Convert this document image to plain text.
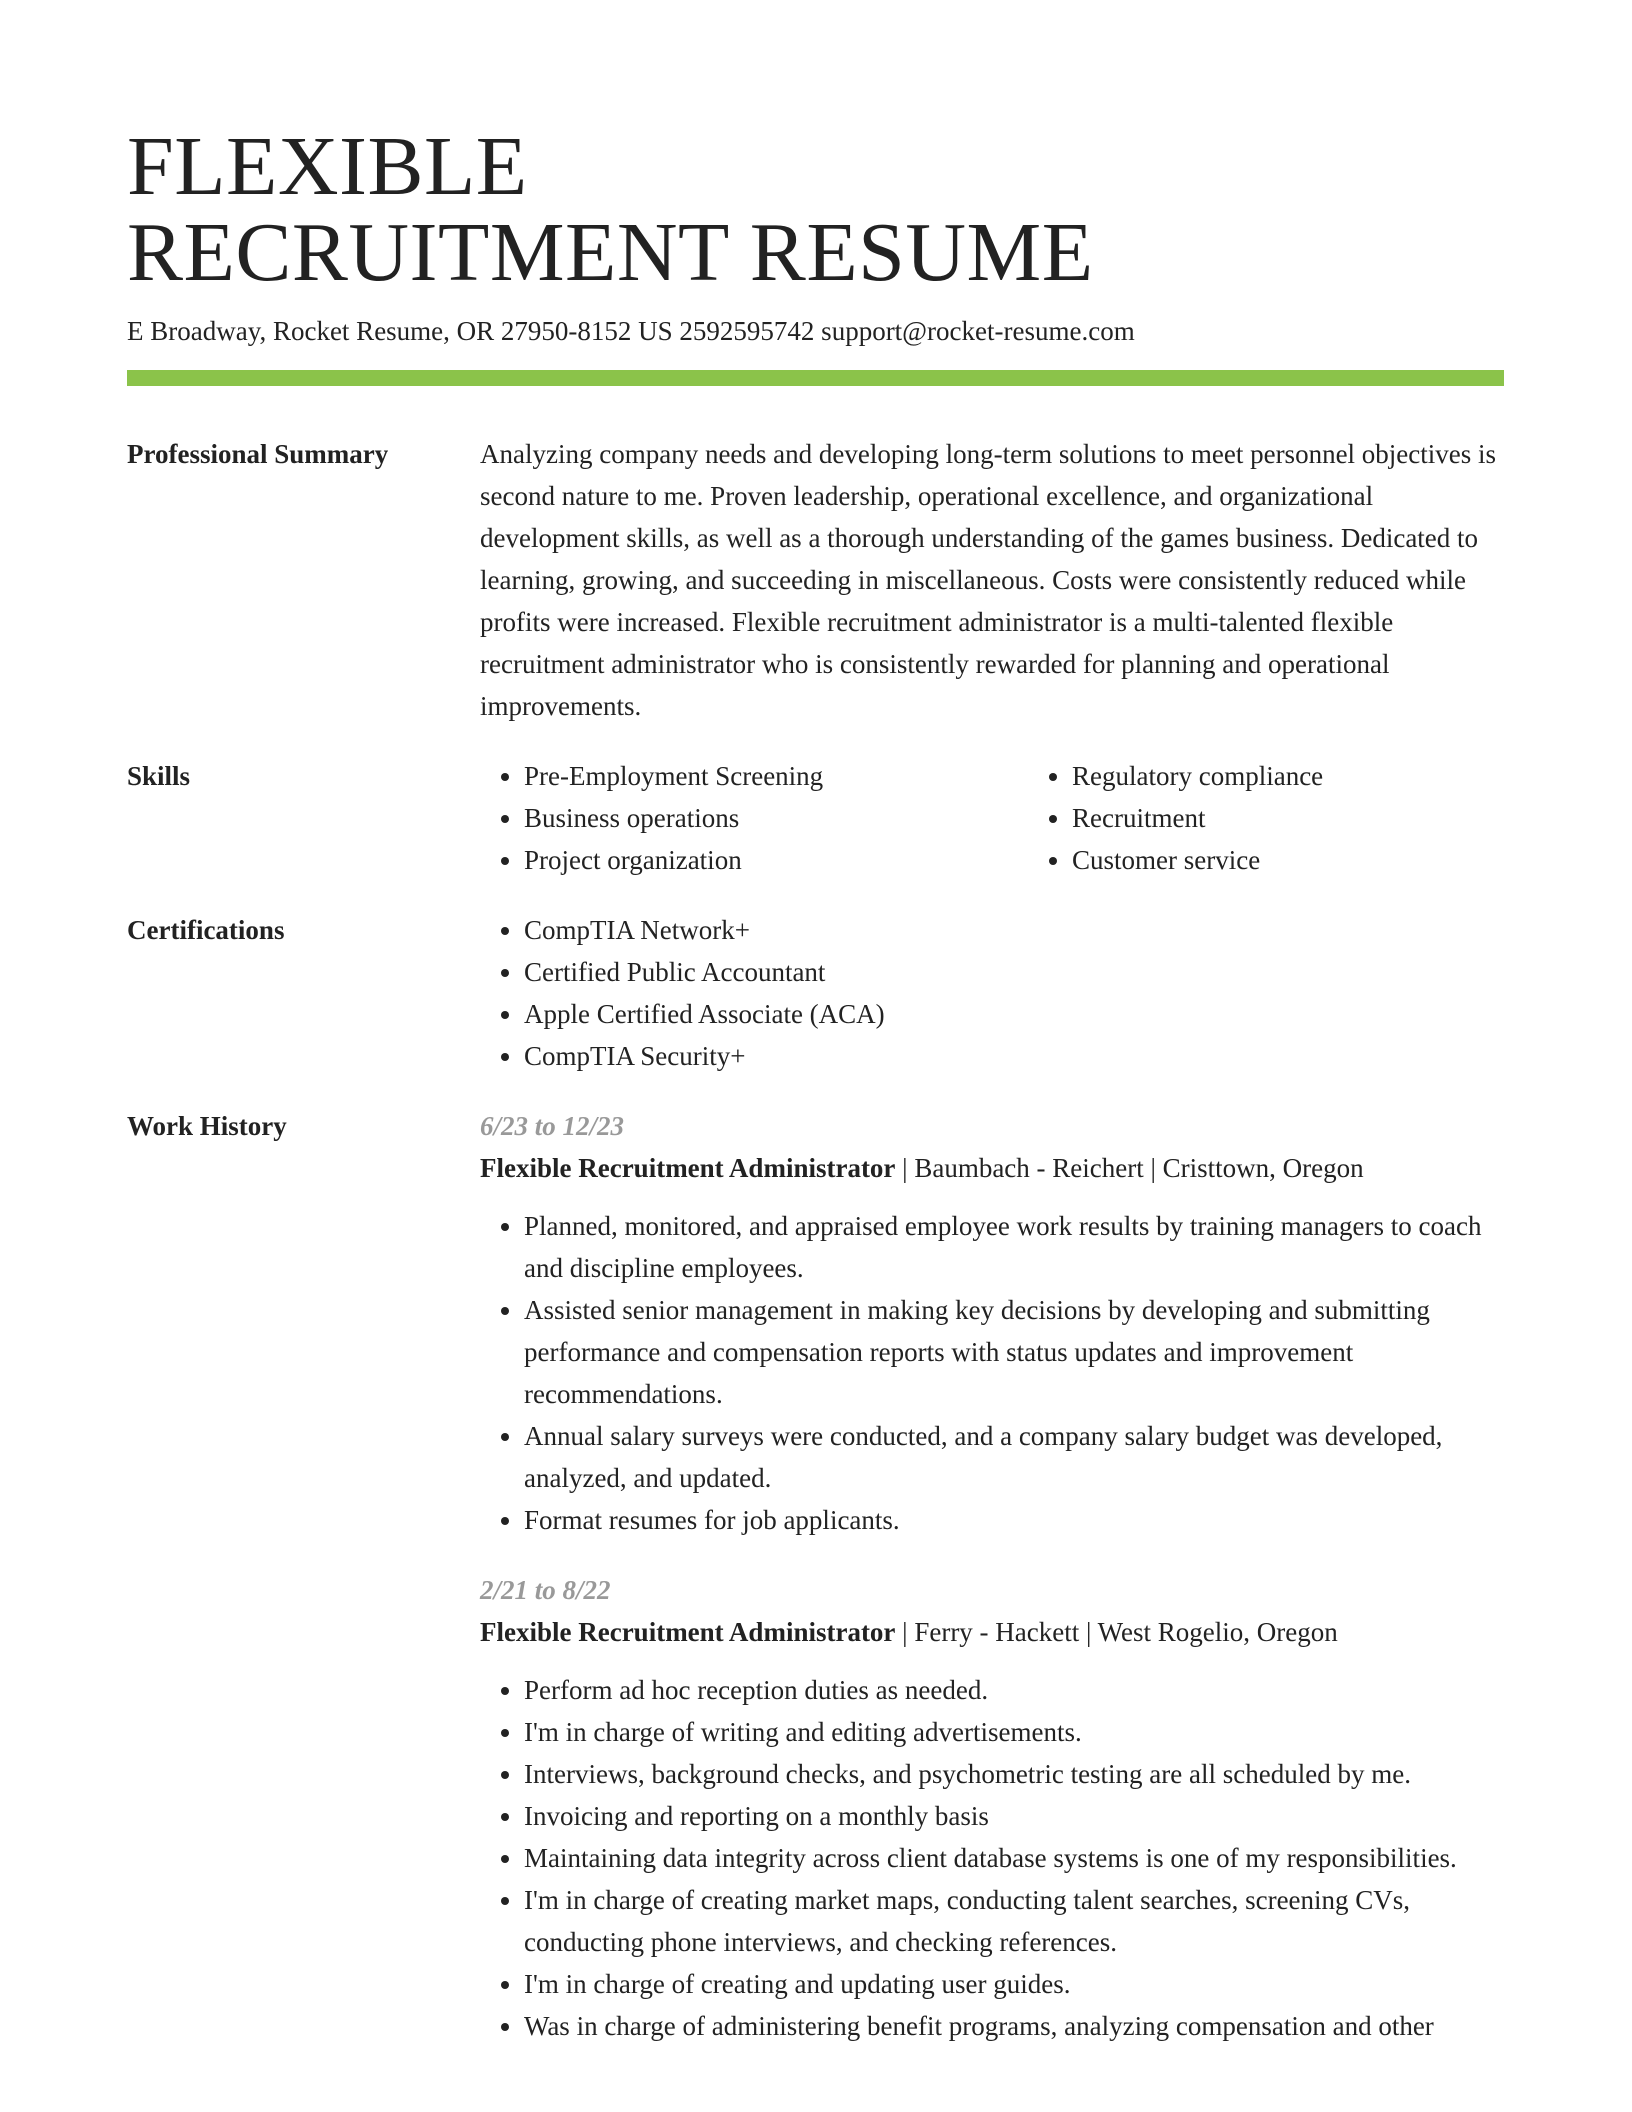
FLEXIBLE
RECRUITMENT RESUME
E Broadway, Rocket Resume, OR 27950-8152 US 2592595742 support@rocket-resume.com
Professional Summary	Analyzing company needs and developing long-term solutions to meet personnel objectives is second nature to me. Proven leadership, operational excellence, and organizational development skills, as well as a thorough understanding of the games business. Dedicated to learning, growing, and succeeding in miscellaneous. Costs were consistently reduced while profits were increased. Flexible recruitment administrator is a multi-talented flexible recruitment administrator who is consistently rewarded for planning and operational improvements.

Skills	• Pre-Employment Screening
• Business operations
• Project organization
• Regulatory compliance
• Recruitment
• Customer service
Certifications	• CompTIA Network+
• Certified Public Accountant
• Apple Certified Associate (ACA)
• CompTIA Security+
Work History	6/23 to 12/23
Flexible Recruitment Administrator | Baumbach - Reichert | Cristtown, Oregon
• Planned, monitored, and appraised employee work results by training managers to coach and discipline employees.
• Assisted senior management in making key decisions by developing and submitting performance and compensation reports with status updates and improvement recommendations.
• Annual salary surveys were conducted, and a company salary budget was developed, analyzed, and updated.
• Format resumes for job applicants.
2/21 to 8/22
Flexible Recruitment Administrator | Ferry - Hackett | West Rogelio, Oregon
• Perform ad hoc reception duties as needed.
• I'm in charge of writing and editing advertisements.
• Interviews, background checks, and psychometric testing are all scheduled by me.
• Invoicing and reporting on a monthly basis
• Maintaining data integrity across client database systems is one of my responsibilities.
• I'm in charge of creating market maps, conducting talent searches, screening CVs, conducting phone interviews, and checking references.
• I'm in charge of creating and updating user guides.
• Was in charge of administering benefit programs, analyzing compensation and other
